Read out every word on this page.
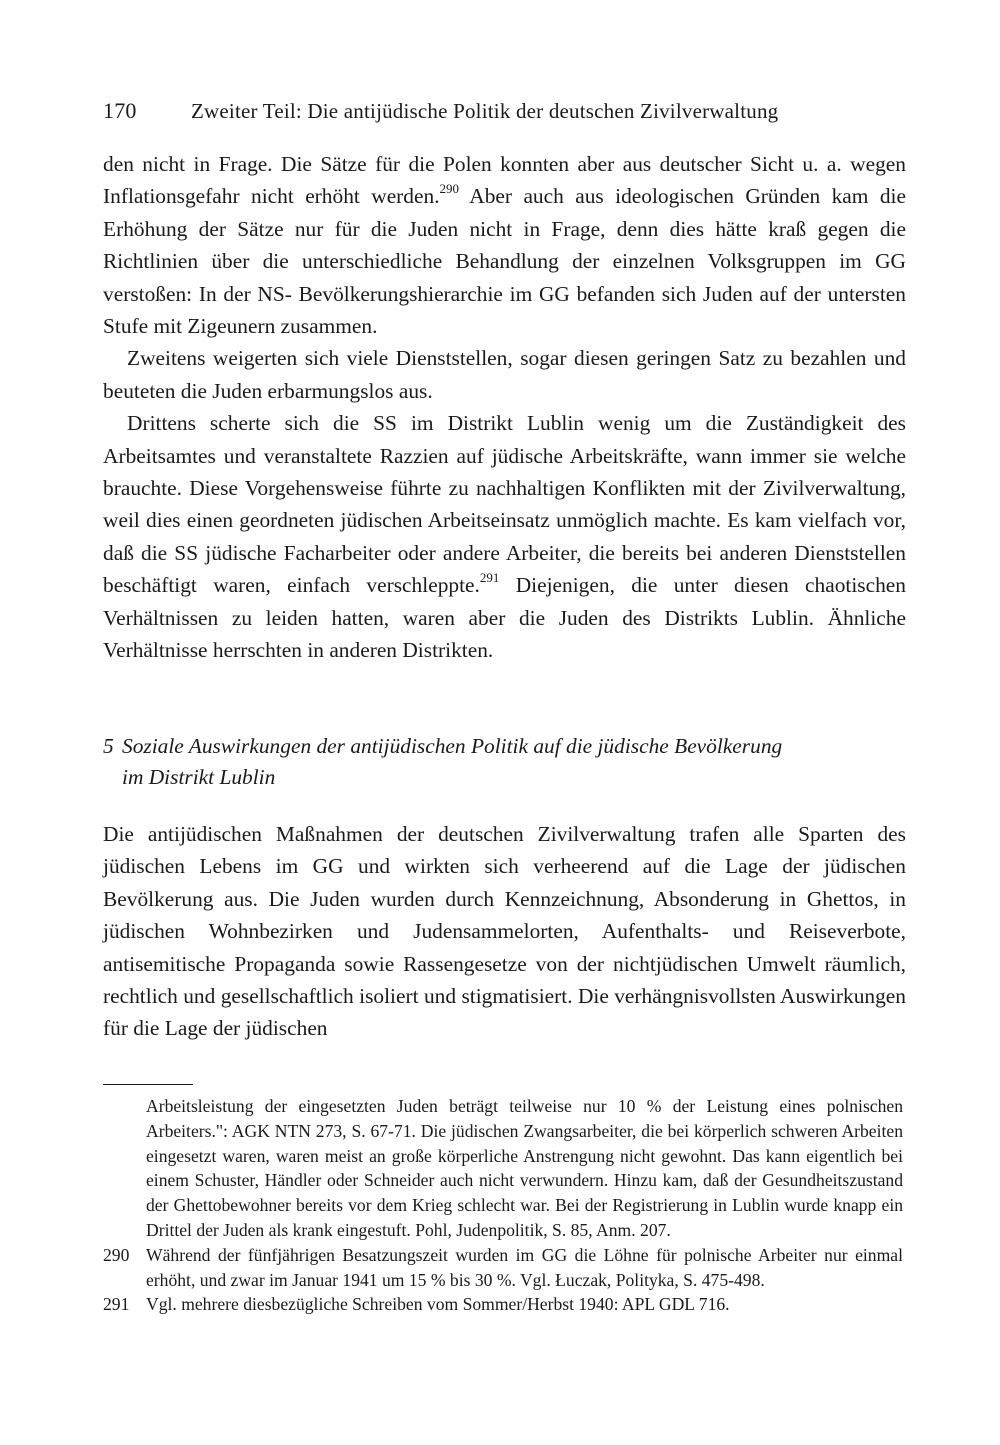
170	Zweiter Teil: Die antijüdische Politik der deutschen Zivilverwaltung

den nicht in Frage. Die Sätze für die Polen konnten aber aus deutscher Sicht u. a. wegen Inflationsgefahr nicht erhöht werden.$^{290}$ Aber auch aus ideologischen Gründen kam die Erhöhung der Sätze nur für die Juden nicht in Frage, denn dies hätte kraß gegen die Richtlinien über die unterschiedliche Behandlung der einzelnen Volksgruppen im GG verstoßen: In der NS- Bevölkerungshierarchie im GG befanden sich Juden auf der untersten Stufe mit Zigeunern zusammen.

Zweitens weigerten sich viele Dienststellen, sogar diesen geringen Satz zu bezahlen und beuteten die Juden erbarmungslos aus.

Drittens scherte sich die SS im Distrikt Lublin wenig um die Zuständigkeit des Arbeitsamtes und veranstaltete Razzien auf jüdische Arbeitskräfte, wann immer sie welche brauchte. Diese Vorgehensweise führte zu nachhaltigen Konflikten mit der Zivilverwaltung, weil dies einen geordneten jüdischen Arbeitseinsatz unmöglich machte. Es kam vielfach vor, daß die SS jüdische Facharbeiter oder andere Arbeiter, die bereits bei anderen Dienststellen beschäftigt waren, einfach verschleppte.$^{291}$ Diejenigen, die unter diesen chaotischen Verhältnissen zu leiden hatten, waren aber die Juden des Distrikts Lublin. Ähnliche Verhältnisse herrschten in anderen Distrikten.

5 Soziale Auswirkungen der antijüdischen Politik auf die jüdische Bevölkerung
im Distrikt Lublin

Die antijüdischen Maßnahmen der deutschen Zivilverwaltung trafen alle Sparten des jüdischen Lebens im GG und wirkten sich verheerend auf die Lage der jüdischen Bevölkerung aus. Die Juden wurden durch Kennzeichnung, Absonderung in Ghettos, in jüdischen Wohnbezirken und Judensammelorten, Aufenthalts- und Reiseverbote, antisemitische Propaganda sowie Rassengesetze von der nichtjüdischen Umwelt räumlich, rechtlich und gesellschaftlich isoliert und stigmatisiert. Die verhängnisvollsten Auswirkungen für die Lage der jüdischen

Arbeitsleistung der eingesetzten Juden beträgt teilweise nur 10 % der Leistung eines polnischen Arbeiters.": AGK NTN 273, S. 67-71. Die jüdischen Zwangsarbeiter, die bei körperlich schweren Arbeiten eingesetzt waren, waren meist an große körperliche Anstrengung nicht gewohnt. Das kann eigentlich bei einem Schuster, Händler oder Schneider auch nicht verwundern. Hinzu kam, daß der Gesundheitszustand der Ghettobewohner bereits vor dem Krieg schlecht war. Bei der Registrierung in Lublin wurde knapp ein Drittel der Juden als krank eingestuft. Pohl, Judenpolitik, S. 85, Anm. 207.
290 Während der fünfjährigen Besatzungszeit wurden im GG die Löhne für polnische Arbeiter nur einmal erhöht, und zwar im Januar 1941 um 15 % bis 30 %. Vgl. Łuczak, Polityka, S. 475-498.
291 Vgl. mehrere diesbezügliche Schreiben vom Sommer/Herbst 1940: APL GDL 716.
